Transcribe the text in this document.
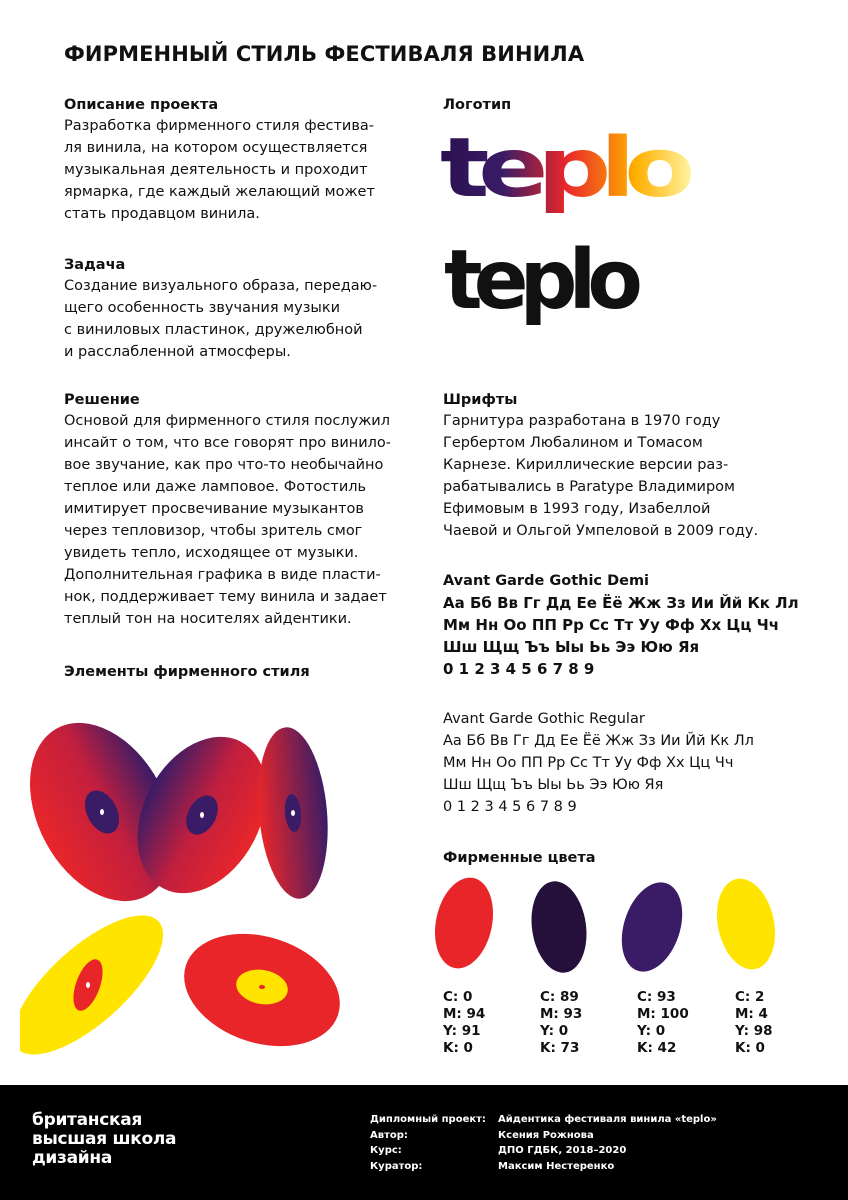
ФИРМЕННЫЙ СТИЛЬ ФЕСТИВАЛЯ ВИНИЛА
Описание проекта
Разработка фирменного стиля фестива-
ля винила, на котором осуществляется
музыкальная деятельность и проходит
ярмарка, где каждый желающий может
стать продавцом винила.
Задача
Создание визуального образа, передаю-
щего особенность звучания музыки
с виниловых пластинок, дружелюбной
и расслабленной атмосферы.
Решение
Основой для фирменного стиля послужил
инсайт о том, что все говорят про винило-
вое звучание, как про что-то необычайно
теплое или даже ламповое. Фотостиль
имитирует просвечивание музыкантов
через тепловизор, чтобы зритель смог
увидеть тепло, исходящее от музыки.
Дополнительная графика в виде пласти-
нок, поддерживает тему винила и задает
теплый тон на носителях айдентики.
Элементы фирменного стиля
Логотип
teplo
teplo
Шрифты
Гарнитура разработана в 1970 году
Гербертом Любалином и Томасом
Карнезе. Кириллические версии раз-
рабатывались в Paratype Владимиром
Ефимовым в 1993 году, Изабеллой
Чаевой и Ольгой Умпеловой в 2009 году.
Avant Garde Gothic Demi
Аа Бб Вв Гг Дд Ее Ёё Жж Зз Ии Йй Кк Лл
Мм Нн Оо ПП Рр Сс Тт Уу Фф Хх Цц Чч
Шш Щщ Ъъ Ыы Ьь Ээ Юю Яя
0 1 2 3 4 5 6 7 8 9
Avant Garde Gothic Regular
Аа Бб Вв Гг Дд Ее Ёё Жж Зз Ии Йй Кк Лл
Мм Нн Оо ПП Рр Сс Тт Уу Фф Хх Цц Чч
Шш Щщ Ъъ Ыы Ьь Ээ Юю Яя
0 1 2 3 4 5 6 7 8 9
Фирменные цвета
C: 0
M: 94
Y: 91
K: 0
C: 89
M: 93
Y: 0
K: 73
C: 93
M: 100
Y: 0
K: 42
C: 2
M: 4
Y: 98
K: 0
британская
высшая школа
дизайна
Дипломный проект:
Автор:
Курс:
Куратор:
Айдентика фестиваля винила «teplo»
Ксения Рожнова
ДПО ГДБК, 2018–2020
Максим Нестеренко
